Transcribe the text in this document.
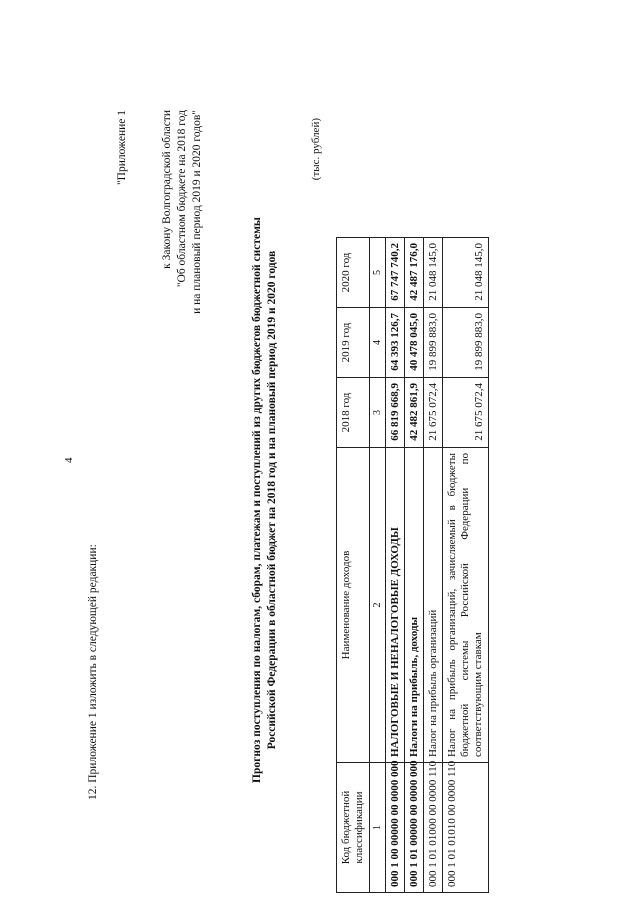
4
12. Приложение 1 изложить в следующей редакции:
"Приложение 1	к Закону Волгоградской области "Об областном бюджете на 2018 год и на плановый период 2019 и 2020 годов"
Прогноз поступления по налогам, сборам, платежам и поступлений из других бюджетов бюджетной системы Российской Федерации в областной бюджет на 2018 год и на плановый период 2019 и 2020 годов
(тыс. рублей)
Код бюджетной классификации	Наименование доходов	2018 год	2019 год	2020 год
1	2	3	4	5
000 1 00 00000 00 0000 000	НАЛОГОВЫЕ И НЕНАЛОГОВЫЕ ДОХОДЫ	66 819 668,9	64 393 126,7	67 747 740,2
000 1 01 00000 00 0000 000	Налоги на прибыль, доходы	42 482 861,9	40 478 045,0	42 487 176,0
000 1 01 01000 00 0000 110	Налог на прибыль организаций	21 675 072,4	19 899 883,0	21 048 145,0
000 1 01 01010 00 0000 110	Налог на прибыль организаций, зачисляемый в бюджеты бюджетной системы Российской Федерации по соответствующим ставкам	21 675 072,4	19 899 883,0	21 048 145,0
